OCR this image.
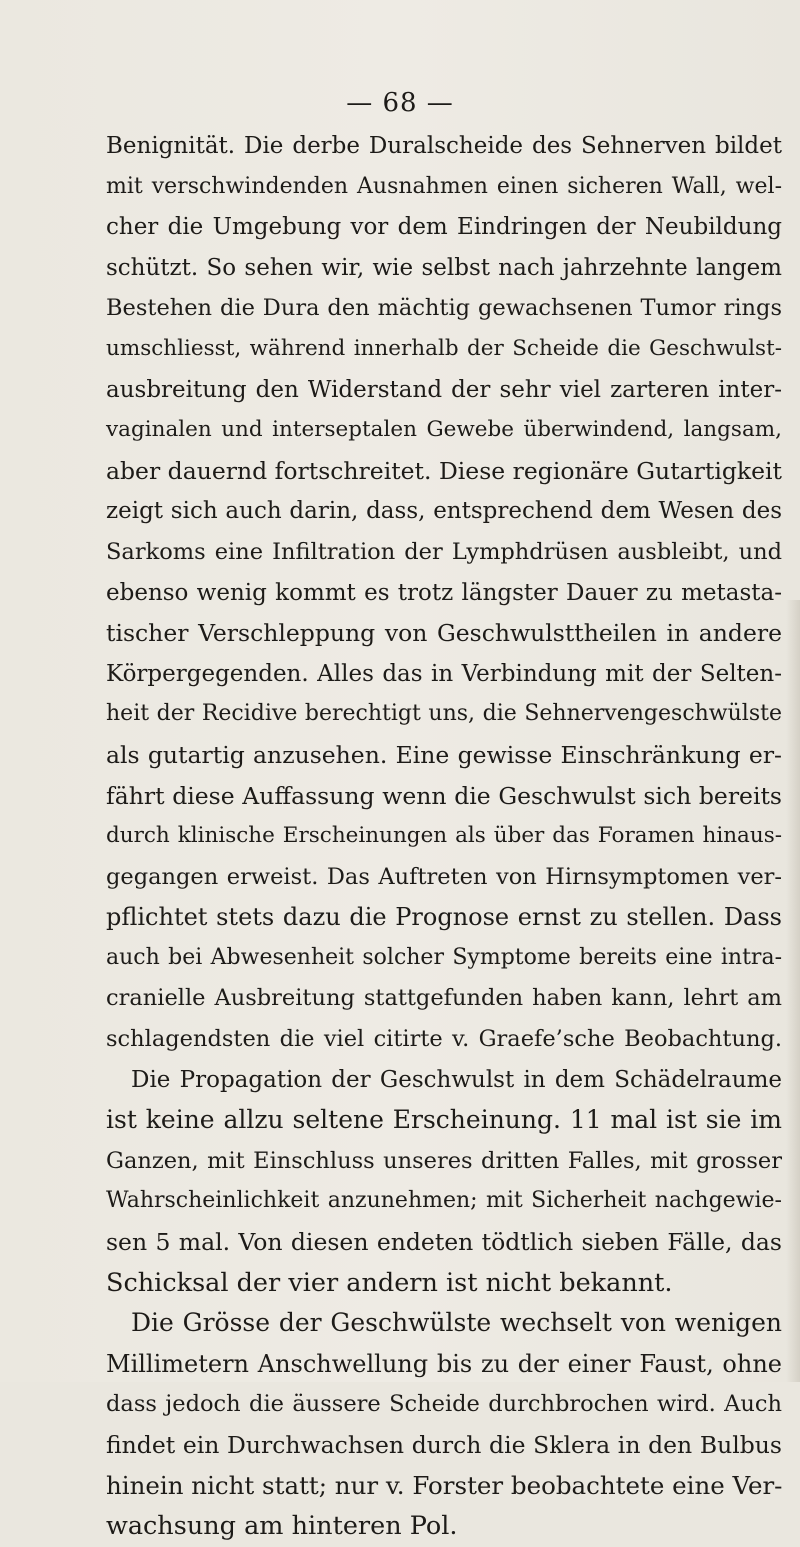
— 68 —
Benignität. Die derbe Duralscheide des Sehnerven bildet
mit verschwindenden Ausnahmen einen sicheren Wall, wel-
cher die Umgebung vor dem Eindringen der Neubildung
schützt. So sehen wir, wie selbst nach jahrzehnte langem
Bestehen die Dura den mächtig gewachsenen Tumor rings
umschliesst, während innerhalb der Scheide die Geschwulst-
ausbreitung den Widerstand der sehr viel zarteren inter-
vaginalen und interseptalen Gewebe überwindend, langsam,
aber dauernd fortschreitet. Diese regionäre Gutartigkeit
zeigt sich auch darin, dass, entsprechend dem Wesen des
Sarkoms eine Infiltration der Lymphdrüsen ausbleibt, und
ebenso wenig kommt es trotz längster Dauer zu metasta-
tischer Verschleppung von Geschwulsttheilen in andere
Körpergegenden. Alles das in Verbindung mit der Selten-
heit der Recidive berechtigt uns, die Sehnervengeschwülste
als gutartig anzusehen. Eine gewisse Einschränkung er-
fährt diese Auffassung wenn die Geschwulst sich bereits
durch klinische Erscheinungen als über das Foramen hinaus-
gegangen erweist. Das Auftreten von Hirnsymptomen ver-
pflichtet stets dazu die Prognose ernst zu stellen. Dass
auch bei Abwesenheit solcher Symptome bereits eine intra-
cranielle Ausbreitung stattgefunden haben kann, lehrt am
schlagendsten die viel citirte v. Graefe’sche Beobachtung.
Die Propagation der Geschwulst in dem Schädelraume
ist keine allzu seltene Erscheinung. 11 mal ist sie im
Ganzen, mit Einschluss unseres dritten Falles, mit grosser
Wahrscheinlichkeit anzunehmen; mit Sicherheit nachgewie-
sen 5 mal. Von diesen endeten tödtlich sieben Fälle, das
Schicksal der vier andern ist nicht bekannt.
Die Grösse der Geschwülste wechselt von wenigen
Millimetern Anschwellung bis zu der einer Faust, ohne
dass jedoch die äussere Scheide durchbrochen wird. Auch
findet ein Durchwachsen durch die Sklera in den Bulbus
hinein nicht statt; nur v. Forster beobachtete eine Ver-
wachsung am hinteren Pol.
